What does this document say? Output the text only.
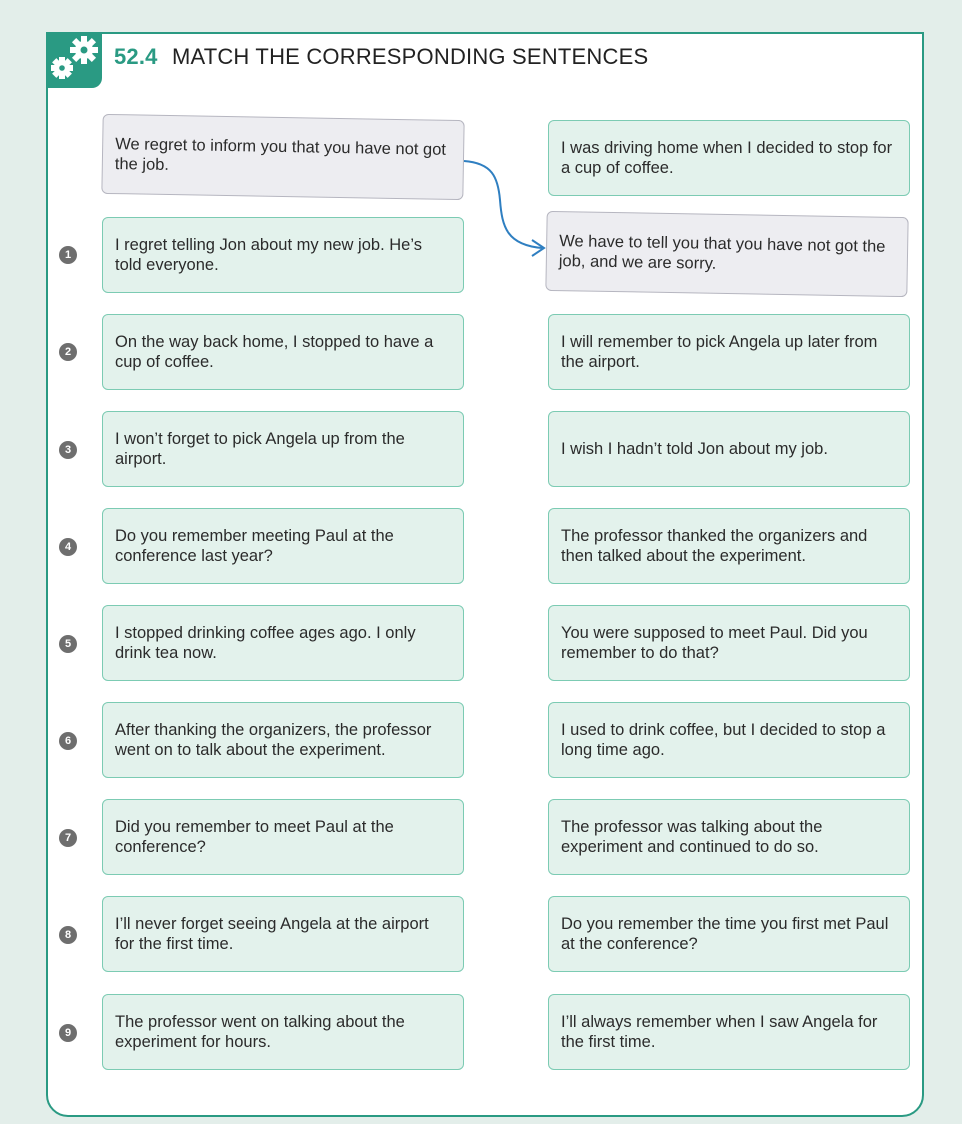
52.4 MATCH THE CORRESPONDING SENTENCES
We regret to inform you that you have not got the job.
I was driving home when I decided to stop for a cup of coffee.
We have to tell you that you have not got the job, and we are sorry.
1
I regret telling Jon about my new job. He’s told everyone.
2
On the way back home, I stopped to have a cup of coffee.
I will remember to pick Angela up later from the airport.
3
I won’t forget to pick Angela up from the airport.
I wish I hadn’t told Jon about my job.
4
Do you remember meeting Paul at the conference last year?
The professor thanked the organizers and then talked about the experiment.
5
I stopped drinking coffee ages ago. I only drink tea now.
You were supposed to meet Paul. Did you remember to do that?
6
After thanking the organizers, the professor went on to talk about the experiment.
I used to drink coffee, but I decided to stop a long time ago.
7
Did you remember to meet Paul at the conference?
The professor was talking about the experiment and continued to do so.
8
I’ll never forget seeing Angela at the airport for the first time.
Do you remember the time you first met Paul at the conference?
9
The professor went on talking about the experiment for hours.
I’ll always remember when I saw Angela for the first time.
